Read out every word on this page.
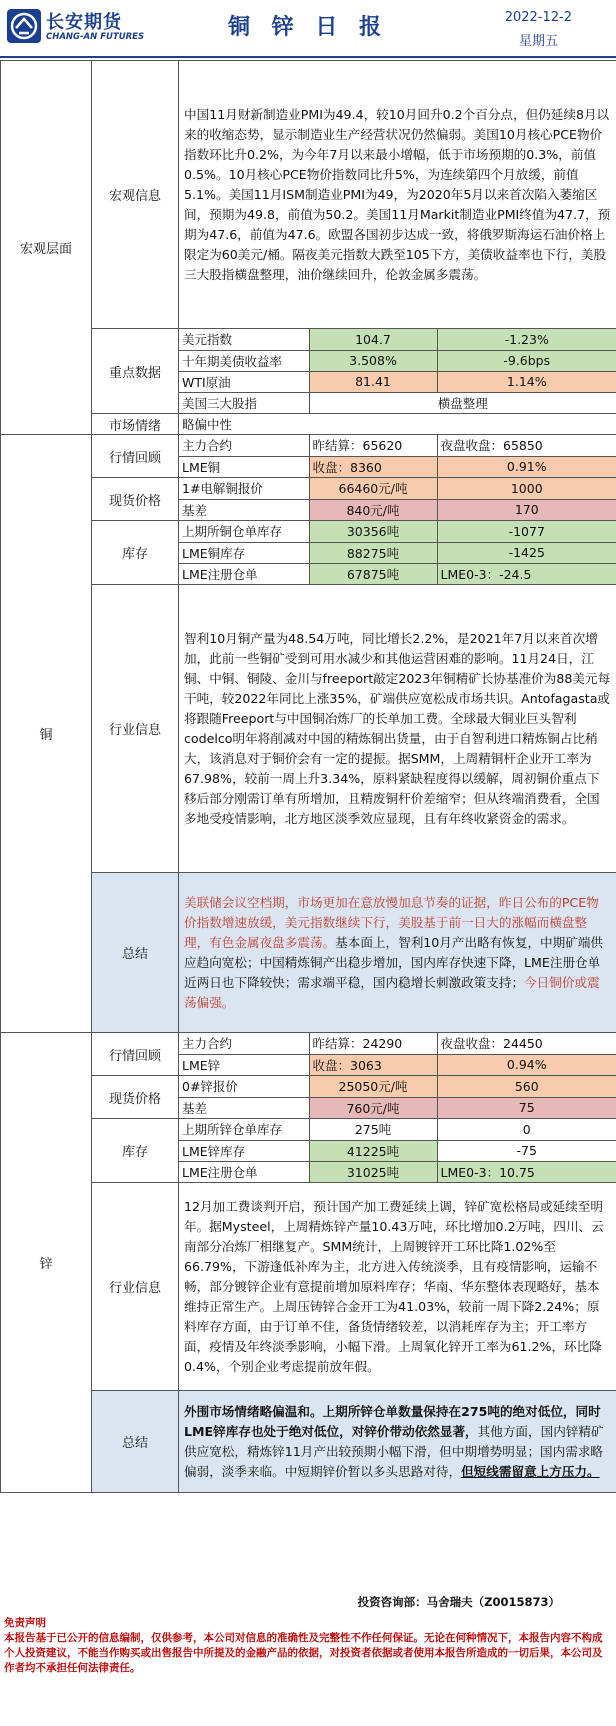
长安期货
CHANG-AN FUTURES	铜 锌 日 报	2022-12-2
星期五
宏观层面	宏观信息	中国11月财新制造业PMI为49.4，较10月回升0.2个百分点，但仍延续8月以来的收缩态势，显示制造业生产经营状况仍然偏弱。美国10月核心PCE物价指数环比升0.2%，为今年7月以来最小增幅，低于市场预期的0.3%，前值0.5%。10月核心PCE物价指数同比升5%，为连续第四个月放缓，前值5.1%。美国11月ISM制造业PMI为49，为2020年5月以来首次陷入萎缩区间，预期为49.8，前值为50.2。美国11月Markit制造业PMI终值为47.7，预期为47.6，前值为47.6。欧盟各国初步达成一致，将俄罗斯海运石油价格上限定为60美元/桶。隔夜美元指数大跌至105下方，美债收益率也下行，美股三大股指横盘整理，油价继续回升，伦敦金属多震荡。
重点数据	
美元指数	104.7	-1.23%
十年期美债收益率	3.508%	-9.6bps
WTI原油	81.41	1.14%
美国三大股指	横盘整理

市场情绪	略偏中性
铜	行情回顾	
主力合约	昨结算：65620	夜盘收盘：65850
LME铜	收盘：8360	0.91%

现货价格	
1#电解铜报价	66460元/吨	1000
基差	840元/吨	170

库存	
上期所铜仓单库存	30356吨	-1077
LME铜库存	88275吨	-1425
LME注册仓单	67875吨	LME0-3：-24.5

行业信息	智利10月铜产量为48.54万吨，同比增长2.2%，是2021年7月以来首次增加，此前一些铜矿受到可用水减少和其他运营困难的影响。11月24日，江铜、中铜、铜陵、金川与freeport敲定2023年铜精矿长协基准价为88美元每干吨，较2022年同比上涨35%，矿端供应宽松成市场共识。Antofagasta或将跟随Freeport与中国铜冶炼厂的长单加工费。全球最大铜业巨头智利codelco明年将削减对中国的精炼铜出货量，由于自智利进口精炼铜占比稍大，该消息对于铜价会有一定的提振。据SMM，上周精铜杆企业开工率为67.98%，较前一周上升3.34%，原料紧缺程度得以缓解，周初铜价重点下移后部分刚需订单有所增加，且精废铜杆价差缩窄；但从终端消费看，全国多地受疫情影响，北方地区淡季效应显现，且有年终收紧资金的需求。
总结	美联储会议空档期，市场更加在意放慢加息节奏的证据，昨日公布的PCE物价指数增速放缓，美元指数继续下行，美股基于前一日大的涨幅而横盘整理，有色金属夜盘多震荡。基本面上，智利10月产出略有恢复，中期矿端供应趋向宽松；中国精炼铜产出稳步增加，国内库存快速下降，LME注册仓单近两日也下降较快；需求端平稳，国内稳增长刺激政策支持；今日铜价或震荡偏强。
锌	行情回顾	
主力合约	昨结算：24290	夜盘收盘：24450
LME锌	收盘：3063	0.94%

现货价格	
0#锌报价	25050元/吨	560
基差	760元/吨	75

库存	
上期所锌仓单库存	275吨	0
LME锌库存	41225吨	-75
LME注册仓单	31025吨	LME0-3：10.75

行业信息	12月加工费谈判开启，预计国产加工费延续上调，锌矿宽松格局或延续至明年。据Mysteel，上周精炼锌产量10.43万吨，环比增加0.2万吨，四川、云南部分冶炼厂相继复产。SMM统计，上周镀锌开工环比降1.02%至66.79%，下游逢低补库为主，北方进入传统淡季，且有疫情影响，运输不畅，部分镀锌企业有意提前增加原料库存；华南、华东整体表现略好，基本维持正常生产。上周压铸锌合金开工为41.03%，较前一周下降2.24%；原料库存方面，由于订单不佳，备货情绪较差，以消耗库存为主；开工率方面，疫情及年终淡季影响，小幅下滑。上周氧化锌开工率为61.2%，环比降0.4%，个别企业考虑提前放年假。
总结	外围市场情绪略偏温和。上期所锌仓单数量保持在275吨的绝对低位，同时LME锌库存也处于绝对低位，对锌价带动依然显著，其他方面，国内锌精矿供应宽松，精炼锌11月产出较预期小幅下滑，但中期增势明显；国内需求略偏弱，淡季来临。中短期锌价暂以多头思路对待，但短线需留意上方压力。
投资咨询部：马舍瑞夫（Z0015873）
免责声明
本报告基于已公开的信息编制，仅供参考，本公司对信息的准确性及完整性不作任何保证。无论在何种情况下，本报告内容不构成个人投资建议，不能当作购买或出售报告中所提及的金融产品的依据，对投资者依据或者使用本报告所造成的一切后果，本公司及作者均不承担任何法律责任。
